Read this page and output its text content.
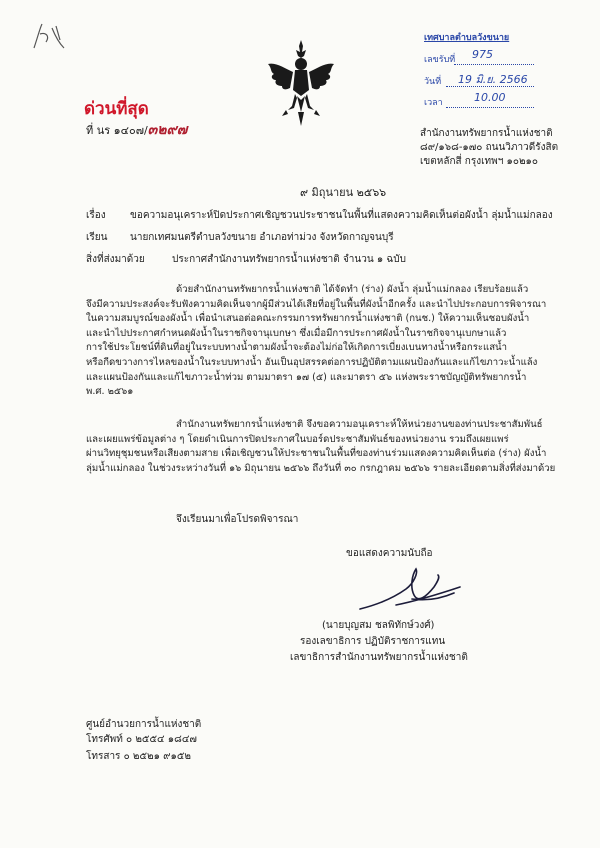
ด่วนที่สุด
ที่ นร ๑๔๐๗/๓๒๙๗
เทศบาลตำบลวังขนาย
เลขรับที่ 975
วันที่ 19 มิ.ย. 2566
เวลา	10.00
สำนักงานทรัพยากรน้ำแห่งชาติ
๘๙/๑๖๘-๑๗๐ ถนนวิภาวดีรังสิต
เขตหลักสี่ กรุงเทพฯ ๑๐๒๑๐
๙ มิถุนายน ๒๕๖๖
เรื่อง ขอความอนุเคราะห์ปิดประกาศเชิญชวนประชาชนในพื้นที่แสดงความคิดเห็นต่อผังน้ำ ลุ่มน้ำแม่กลอง
เรียน นายกเทศมนตรีตำบลวังขนาย อำเภอท่าม่วง จังหวัดกาญจนบุรี
สิ่งที่ส่งมาด้วย	ประกาศสำนักงานทรัพยากรน้ำแห่งชาติ จำนวน ๑ ฉบับ
ด้วยสำนักงานทรัพยากรน้ำแห่งชาติ ได้จัดทำ (ร่าง) ผังน้ำ ลุ่มน้ำแม่กลอง เรียบร้อยแล้ว
จึงมีความประสงค์จะรับฟังความคิดเห็นจากผู้มีส่วนได้เสียที่อยู่ในพื้นที่ผังน้ำอีกครั้ง และนำไปประกอบการพิจารณา
ในความสมบูรณ์ของผังน้ำ เพื่อนำเสนอต่อคณะกรรมการทรัพยากรน้ำแห่งชาติ (กนช.) ให้ความเห็นชอบผังน้ำ
และนำไปประกาศกำหนดผังน้ำในราชกิจจานุเบกษา ซึ่งเมื่อมีการประกาศผังน้ำในราชกิจจานุเบกษาแล้ว
การใช้ประโยชน์ที่ดินที่อยู่ในระบบทางน้ำตามผังน้ำจะต้องไม่ก่อให้เกิดการเบี่ยงเบนทางน้ำหรือกระแสน้ำ
หรือกีดขวางการไหลของน้ำในระบบทางน้ำ อันเป็นอุปสรรคต่อการปฏิบัติตามแผนป้องกันและแก้ไขภาวะน้ำแล้ง
และแผนป้องกันและแก้ไขภาวะน้ำท่วม ตามมาตรา ๑๗ (๕) และมาตรา ๕๖ แห่งพระราชบัญญัติทรัพยากรน้ำ
พ.ศ. ๒๕๖๑
สำนักงานทรัพยากรน้ำแห่งชาติ จึงขอความอนุเคราะห์ให้หน่วยงานของท่านประชาสัมพันธ์
และเผยแพร่ข้อมูลต่าง ๆ โดยดำเนินการปิดประกาศในบอร์ดประชาสัมพันธ์ของหน่วยงาน รวมถึงเผยแพร่
ผ่านวิทยุชุมชนหรือเสียงตามสาย เพื่อเชิญชวนให้ประชาชนในพื้นที่ของท่านร่วมแสดงความคิดเห็นต่อ (ร่าง) ผังน้ำ
ลุ่มน้ำแม่กลอง ในช่วงระหว่างวันที่ ๑๖ มิถุนายน ๒๕๖๖ ถึงวันที่ ๓๐ กรกฎาคม ๒๕๖๖ รายละเอียดตามสิ่งที่ส่งมาด้วย
จึงเรียนมาเพื่อโปรดพิจารณา
ขอแสดงความนับถือ
(นายบุญสม ชลพิทักษ์วงศ์)
รองเลขาธิการ ปฏิบัติราชการแทน
เลขาธิการสำนักงานทรัพยากรน้ำแห่งชาติ
ศูนย์อำนวยการน้ำแห่งชาติ
โทรศัพท์ ๐ ๒๕๕๔ ๑๘๔๗
โทรสาร ๐ ๒๕๒๑ ๙๑๕๒
